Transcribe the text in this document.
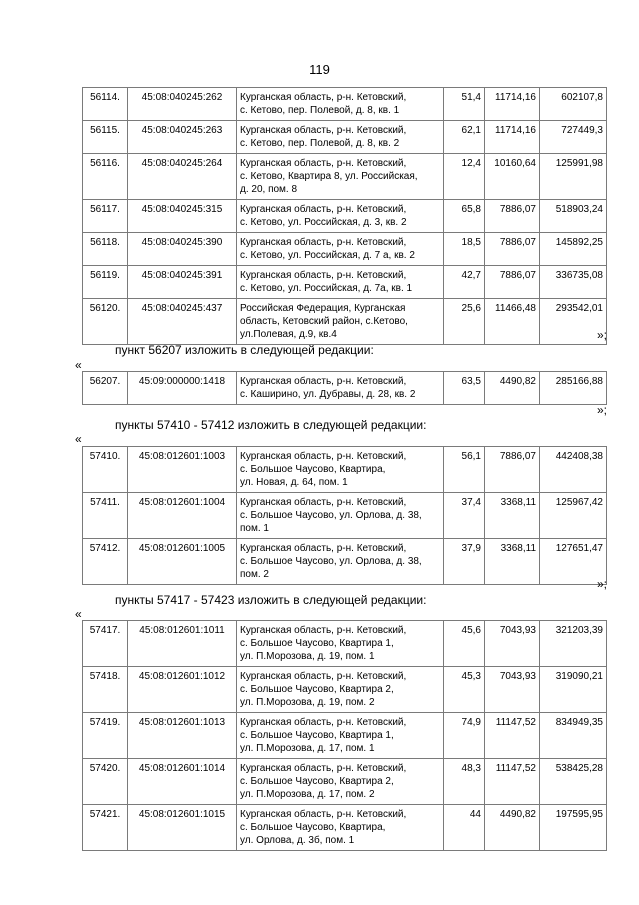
119
56114.	45:08:040245:262	Курганская область, р-н. Кетовский,
с. Кетово, пер. Полевой, д. 8, кв. 1	51,4	11714,16	602107,8
56115.	45:08:040245:263	Курганская область, р-н. Кетовский,
с. Кетово, пер. Полевой, д. 8, кв. 2	62,1	11714,16	727449,3
56116.	45:08:040245:264	Курганская область, р-н. Кетовский,
с. Кетово, Квартира 8, ул. Российская,
д. 20, пом. 8	12,4	10160,64	125991,98
56117.	45:08:040245:315	Курганская область, р-н. Кетовский,
с. Кетово, ул. Российская, д. 3, кв. 2	65,8	7886,07	518903,24
56118.	45:08:040245:390	Курганская область, р-н. Кетовский,
с. Кетово, ул. Российская, д. 7 а, кв. 2	18,5	7886,07	145892,25
56119.	45:08:040245:391	Курганская область, р-н. Кетовский,
с. Кетово, ул. Российская, д. 7а, кв. 1	42,7	7886,07	336735,08
56120.	45:08:040245:437	Российская Федерация, Курганская
область, Кетовский район, с.Кетово,
ул.Полевая, д.9, кв.4	25,6	11466,48	293542,01
»;
пункт 56207 изложить в следующей редакции:
«
56207.	45:09:000000:1418	Курганская область, р-н. Кетовский,
с. Каширино, ул. Дубравы, д. 28, кв. 2	63,5	4490,82	285166,88
»;
пункты 57410 - 57412 изложить в следующей редакции:
«
57410.	45:08:012601:1003	Курганская область, р-н. Кетовский,
с. Большое Чаусово, Квартира,
ул. Новая, д. 64, пом. 1	56,1	7886,07	442408,38
57411.	45:08:012601:1004	Курганская область, р-н. Кетовский,
с. Большое Чаусово, ул. Орлова, д. 38,
пом. 1	37,4	3368,11	125967,42
57412.	45:08:012601:1005	Курганская область, р-н. Кетовский,
с. Большое Чаусово, ул. Орлова, д. 38,
пом. 2	37,9	3368,11	127651,47
»;
пункты 57417 - 57423 изложить в следующей редакции:
«
57417.	45:08:012601:1011	Курганская область, р-н. Кетовский,
с. Большое Чаусово, Квартира 1,
ул. П.Морозова, д. 19, пом. 1	45,6	7043,93	321203,39
57418.	45:08:012601:1012	Курганская область, р-н. Кетовский,
с. Большое Чаусово, Квартира 2,
ул. П.Морозова, д. 19, пом. 2	45,3	7043,93	319090,21
57419.	45:08:012601:1013	Курганская область, р-н. Кетовский,
с. Большое Чаусово, Квартира 1,
ул. П.Морозова, д. 17, пом. 1	74,9	11147,52	834949,35
57420.	45:08:012601:1014	Курганская область, р-н. Кетовский,
с. Большое Чаусово, Квартира 2,
ул. П.Морозова, д. 17, пом. 2	48,3	11147,52	538425,28
57421.	45:08:012601:1015	Курганская область, р-н. Кетовский,
с. Большое Чаусово, Квартира,
ул. Орлова, д. 3б, пом. 1	44	4490,82	197595,95
